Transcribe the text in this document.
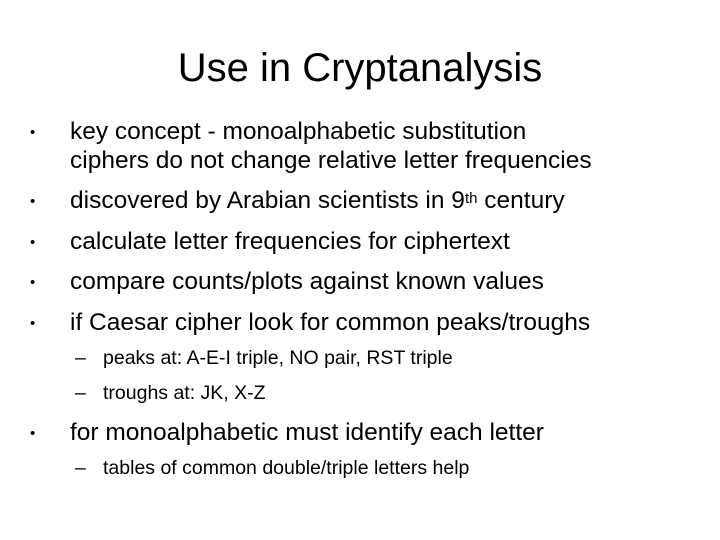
Use in Cryptanalysis
• key concept - monoalphabetic substitution
ciphers do not change relative letter frequencies
• discovered by Arabian scientists in 9th century
• calculate letter frequencies for ciphertext
• compare counts/plots against known values
• if Caesar cipher look for common peaks/troughs
– peaks at: A-E-I triple, NO pair, RST triple
– troughs at: JK, X-Z
• for monoalphabetic must identify each letter
– tables of common double/triple letters help
